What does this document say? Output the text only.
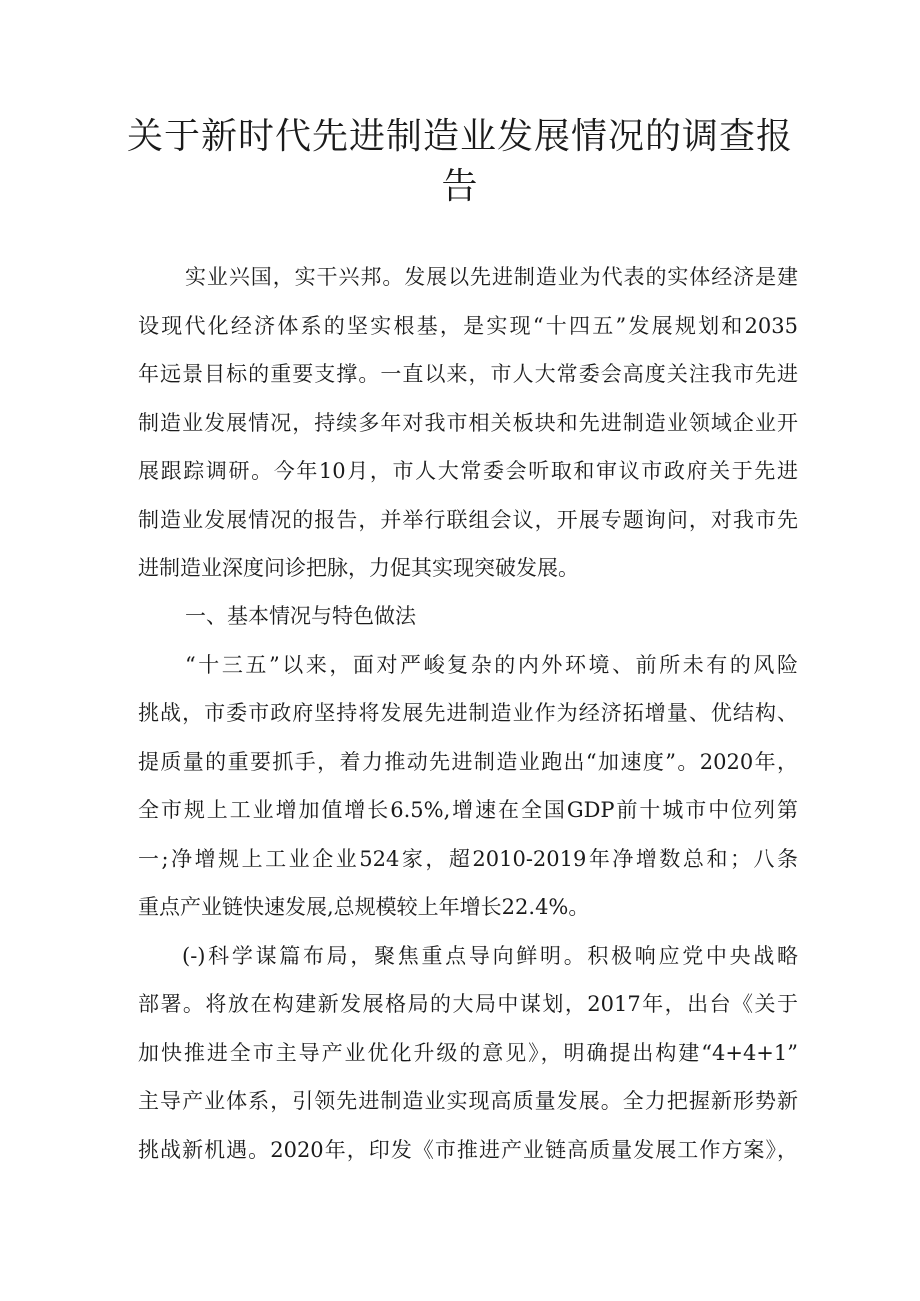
关于新时代先进制造业发展情况的调查报
告

实业兴国，实干兴邦。发展以先进制造业为代表的实体经济是建

设现代化经济体系的坚实根基，是实现“十四五”发展规划和2035

年远景目标的重要支撑。一直以来，市人大常委会高度关注我市先进

制造业发展情况，持续多年对我市相关板块和先进制造业领域企业开

展跟踪调研。今年10月，市人大常委会听取和审议市政府关于先进

制造业发展情况的报告，并举行联组会议，开展专题询问，对我市先

进制造业深度问诊把脉，力促其实现突破发展。

一、基本情况与特色做法

“十三五”以来，面对严峻复杂的内外环境、前所未有的风险

挑战，市委市政府坚持将发展先进制造业作为经济拓增量、优结构、

提质量的重要抓手，着力推动先进制造业跑出“加速度”。2020年，

全市规上工业增加值增长6.5%,增速在全国GDP前十城市中位列第

一;净增规上工业企业524家，超2010-2019年净增数总和；八条

重点产业链快速发展,总规模较上年增长22.4%。

(-)科学谋篇布局，聚焦重点导向鲜明。积极响应党中央战略

部署。将放在构建新发展格局的大局中谋划，2017年，出台《关于

加快推进全市主导产业优化升级的意见》，明确提出构建“4+4+1”

主导产业体系，引领先进制造业实现高质量发展。全力把握新形势新

挑战新机遇。2020年，印发《市推进产业链高质量发展工作方案》，
